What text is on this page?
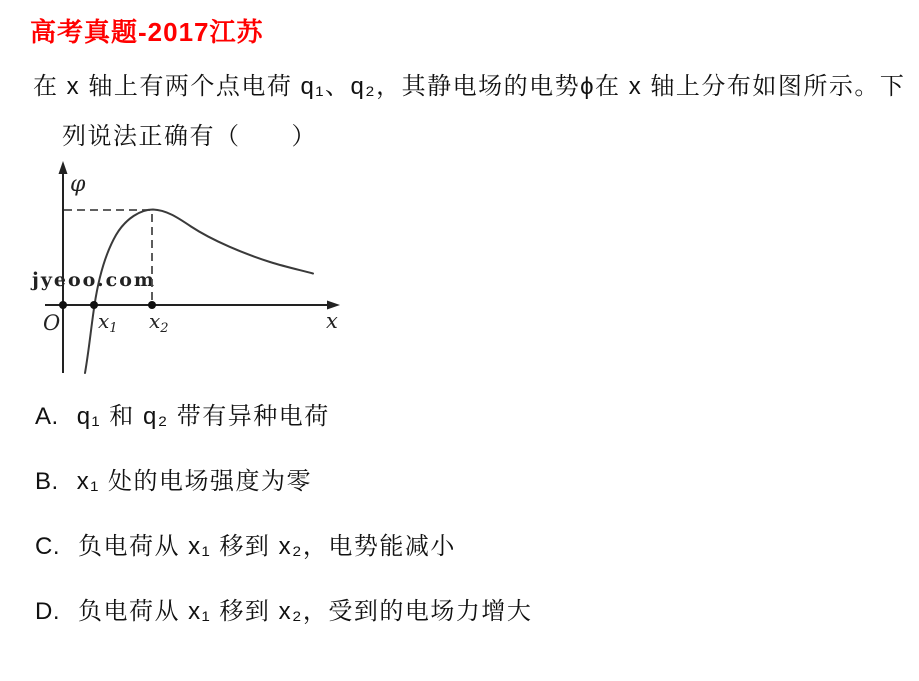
高考真题-2017江苏

在 x 轴上有两个点电荷 q₁、q₂，其静电场的电势ϕ在 x 轴上分布如图所示。下

列说法正确有（　　）

jyeoo.com
φ
x
O $x_1$ $x_2$
A. q₁ 和 q₂ 带有异种电荷
B. x₁ 处的电场强度为零
C. 负电荷从 x₁ 移到 x₂，电势能减小
D. 负电荷从 x₁ 移到 x₂，受到的电场力增大
